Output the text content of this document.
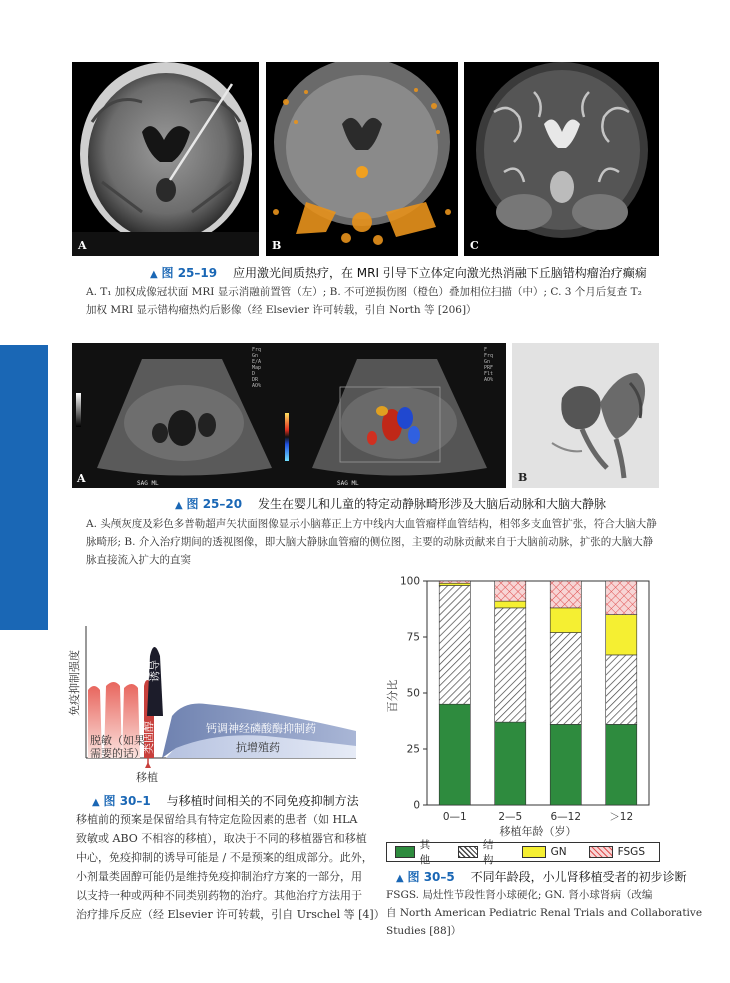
A	B	C
▲ 图 25–19 应用激光间质热疗，在 MRI 引导下立体定向激光热消融下丘脑错构瘤治疗癫痫
A. T₁ 加权成像冠状面 MRI 显示消融前置管（左）; B. 不可逆损伤图（橙色）叠加相位扫描（中）; C. 3 个月后复查 T₂
加权 MRI 显示错构瘤热灼后影像（经 Elsevier 许可转载，引自 North 等 [206]）
Frq
Gn
E/A
Map
D
DR
AO%
F
Frq
Gn
PRF
Flt
AO%
SAG ML	SAG ML
A	B
▲ 图 25–20 发生在婴儿和儿童的特定动静脉畸形涉及大脑后动脉和大脑大静脉
A. 头颅灰度及彩色多普勒超声矢状面图像显示小脑幕正上方中线内大血管瘤样血管结构，相邻多支血管扩张，符合大脑大静
脉畸形; B. 介入治疗期间的透视图像，即大脑大静脉血管瘤的侧位图，主要的动脉贡献来自于大脑前动脉，扩张的大脑大静
脉直接流入扩大的直窦
免疫抑制强度	诱导
类固醇
脱敏（如果
需要的话）
钙调神经磷酸酶抑制药
抗增殖药
移植
▲ 图 30–1 与移植时间相关的不同免疫抑制方法
移植前的预案是保留给具有特定危险因素的患者（如 HLA
致敏或 ABO 不相容的移植），取决于不同的移植器官和移植
中心，免疫抑制的诱导可能是 / 不是预案的组成部分。此外，
小剂量类固醇可能仍是维持免疫抑制治疗方案的一部分，用
以支持一种或两种不同类别药物的治疗。其他治疗方法用于
治疗排斥反应（经 Elsevier 许可转载，引自 Urschel 等 [4]）
0
25
50
75
100
0—1	2—5	6—12	＞12
百分比
移植年龄（岁）
其他
结构
GN	FSGS
▲ 图 30–5 不同年龄段，小儿肾移植受者的初步诊断
FSGS. 局灶性节段性肾小球硬化; GN. 肾小球肾病（改编
自 North American Pediatric Renal Trials and Collaborative
Studies [88]）
